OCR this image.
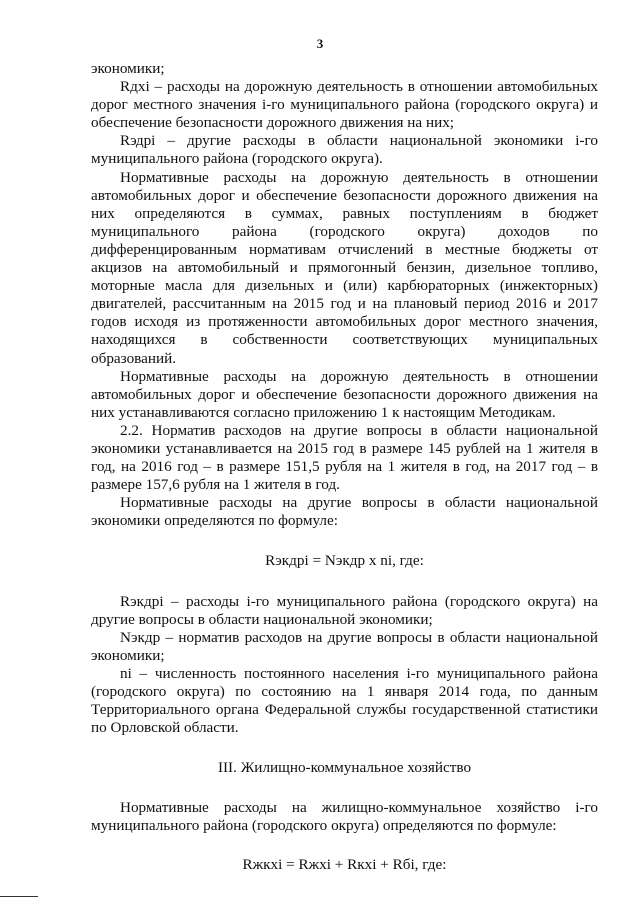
3

экономики;

Rдхi – расходы на дорожную деятельность в отношении автомобильных дорог местного значения i-го муниципального района (городского округа) и обеспечение безопасности дорожного движения на них;

Rэдрi – другие расходы в области национальной экономики i-го муниципального района (городского округа).

Нормативные расходы на дорожную деятельность в отношении автомобильных дорог и обеспечение безопасности дорожного движения на них определяются в суммах, равных поступлениям в бюджет муниципального района (городского округа) доходов по дифференцированным нормативам отчислений в местные бюджеты от акцизов на автомобильный и прямогонный бензин, дизельное топливо, моторные масла для дизельных и (или) карбюраторных (инжекторных) двигателей, рассчитанным на 2015 год и на плановый период 2016 и 2017 годов исходя из протяженности автомобильных дорог местного значения, находящихся в собственности соответствующих муниципальных образований.

Нормативные расходы на дорожную деятельность в отношении автомобильных дорог и обеспечение безопасности дорожного движения на них устанавливаются согласно приложению 1 к настоящим Методикам.

2.2. Норматив расходов на другие вопросы в области национальной экономики устанавливается на 2015 год в размере 145 рублей на 1 жителя в год, на 2016 год – в размере 151,5 рубля на 1 жителя в год, на 2017 год – в размере 157,6 рубля на 1 жителя в год.

Нормативные расходы на другие вопросы в области национальной экономики определяются по формуле:

Rэкдрi = Nэкдр x ni, где:

Rэкдрi – расходы i-го муниципального района (городского округа) на другие вопросы в области национальной экономики;

Nэкдр – норматив расходов на другие вопросы в области национальной экономики;

ni – численность постоянного населения i-го муниципального района (городского округа) по состоянию на 1 января 2014 года, по данным Территориального органа Федеральной службы государственной статистики по Орловской области.

III. Жилищно-коммунальное хозяйство

Нормативные расходы на жилищно-коммунальное хозяйство i-го муниципального района (городского округа) определяются по формуле:

Rжкxi = Rжxi + Rкxi + Rбi, где:
